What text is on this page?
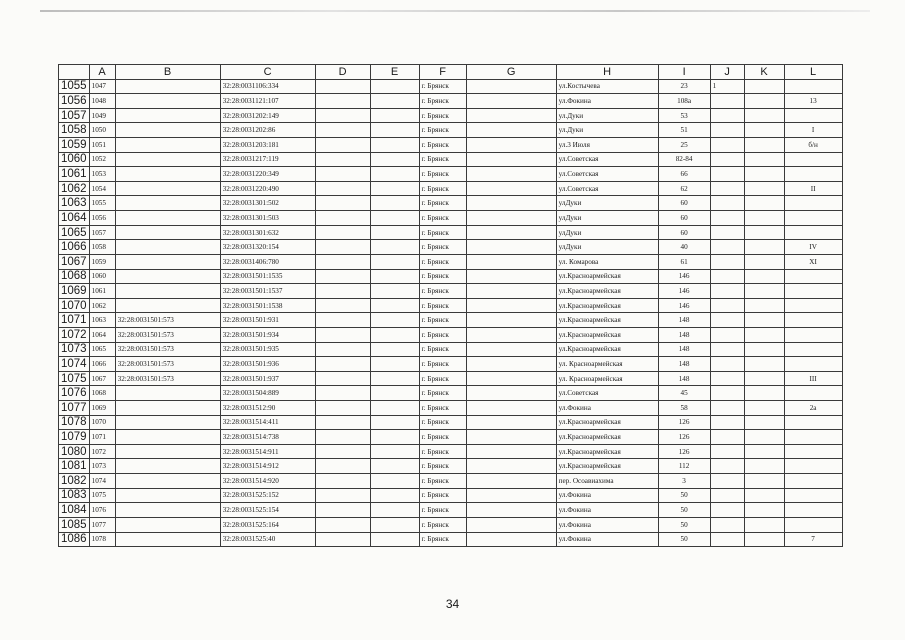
	A	B	C	D	E	F	G	H	I	J	K	L
1055	1047		32:28:0031106:334			г. Брянск		ул.Костычева	23	1		
1056	1048		32:28:0031121:107			г. Брянск		ул.Фокина	108а			13
1057	1049		32:28:0031202:149			г. Брянск		ул.Дуки	53			
1058	1050		32:28:0031202:86			г. Брянск		ул.Дуки	51			I
1059	1051		32:28:0031203:181			г. Брянск		ул.3 Июля	25			б/н
1060	1052		32:28:0031217:119			г. Брянск		ул.Советская	82-84			
1061	1053		32:28:0031220:349			г. Брянск		ул.Советская	66			
1062	1054		32:28:0031220:490			г. Брянск		ул.Советская	62			II
1063	1055		32:28:0031301:502			г. Брянск		улДуки	60			
1064	1056		32:28:0031301:503			г. Брянск		улДуки	60			
1065	1057		32:28:0031301:632			г. Брянск		улДуки	60			
1066	1058		32:28:0031320:154			г. Брянск		улДуки	40			IV
1067	1059		32:28:0031406:780			г. Брянск		ул. Комарова	61			XI
1068	1060		32:28:0031501:1535			г. Брянск		ул.Красноармейская	146			
1069	1061		32:28:0031501:1537			г. Брянск		ул.Красноармейская	146			
1070	1062		32:28:0031501:1538			г. Брянск		ул.Красноармейская	146			
1071	1063	32:28:0031501:573	32:28:0031501:931			г. Брянск		ул.Красноармейская	148			
1072	1064	32:28:0031501:573	32:28:0031501:934			г. Брянск		ул.Красноармейская	148			
1073	1065	32:28:0031501:573	32:28:0031501:935			г. Брянск		ул.Красноармейская	148			
1074	1066	32:28:0031501:573	32:28:0031501:936			г. Брянск		ул. Красноармейская	148			
1075	1067	32:28:0031501:573	32:28:0031501:937			г. Брянск		ул. Красноармейская	148			III
1076	1068		32:28:0031504:889			г. Брянск		ул.Советская	45			
1077	1069		32:28:0031512:90			г. Брянск		ул.Фокина	58			2а
1078	1070		32:28:0031514:411			г. Брянск		ул.Красноармейская	126			
1079	1071		32:28:0031514:738			г. Брянск		ул.Красноармейская	126			
1080	1072		32:28:0031514:911			г. Брянск		ул.Красноармейская	126			
1081	1073		32:28:0031514:912			г. Брянск		ул.Красноармейская	112			
1082	1074		32:28:0031514:920			г. Брянск		пер. Осоавиахима	3			
1083	1075		32:28:0031525:152			г. Брянск		ул.Фокина	50			
1084	1076		32:28:0031525:154			г. Брянск		ул.Фокина	50			
1085	1077		32:28:0031525:164			г. Брянск		ул.Фокина	50			
1086	1078		32:28:0031525:40			г. Брянск		ул.Фокина	50			7
34
